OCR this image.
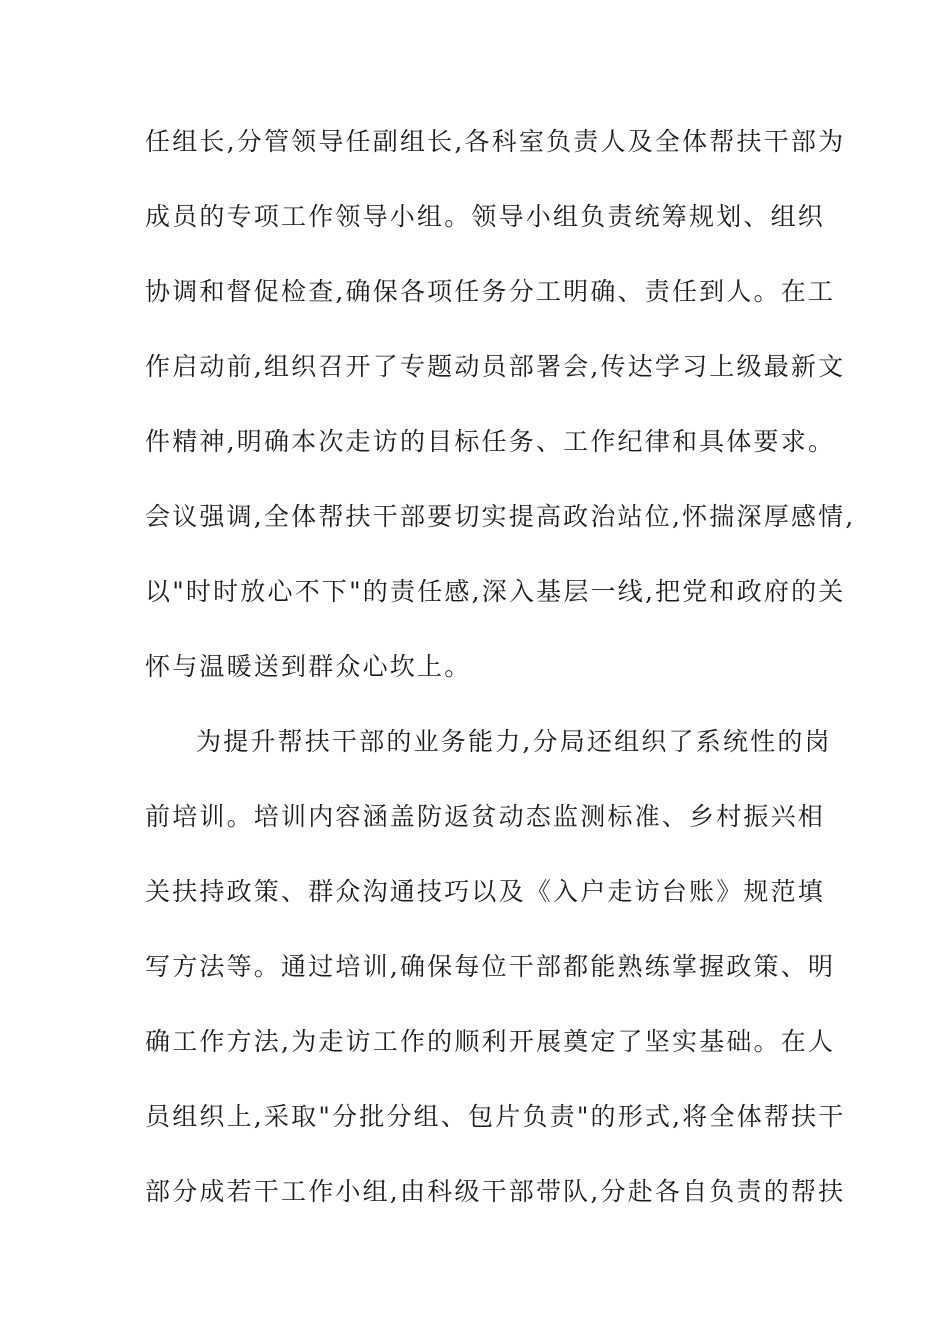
任组长,分管领导任副组长,各科室负责人及全体帮扶干部为
成员的专项工作领导小组。领导小组负责统筹规划、组织
协调和督促检查,确保各项任务分工明确、责任到人。在工
作启动前,组织召开了专题动员部署会,传达学习上级最新文
件精神,明确本次走访的目标任务、工作纪律和具体要求。
会议强调,全体帮扶干部要切实提高政治站位,怀揣深厚感情,
以"时时放心不下"的责任感,深入基层一线,把党和政府的关
怀与温暖送到群众心坎上。
为提升帮扶干部的业务能力,分局还组织了系统性的岗
前培训。培训内容涵盖防返贫动态监测标准、乡村振兴相
关扶持政策、群众沟通技巧以及《入户走访台账》规范填
写方法等。通过培训,确保每位干部都能熟练掌握政策、明
确工作方法,为走访工作的顺利开展奠定了坚实基础。在人
员组织上,采取"分批分组、包片负责"的形式,将全体帮扶干
部分成若干工作小组,由科级干部带队,分赴各自负责的帮扶
